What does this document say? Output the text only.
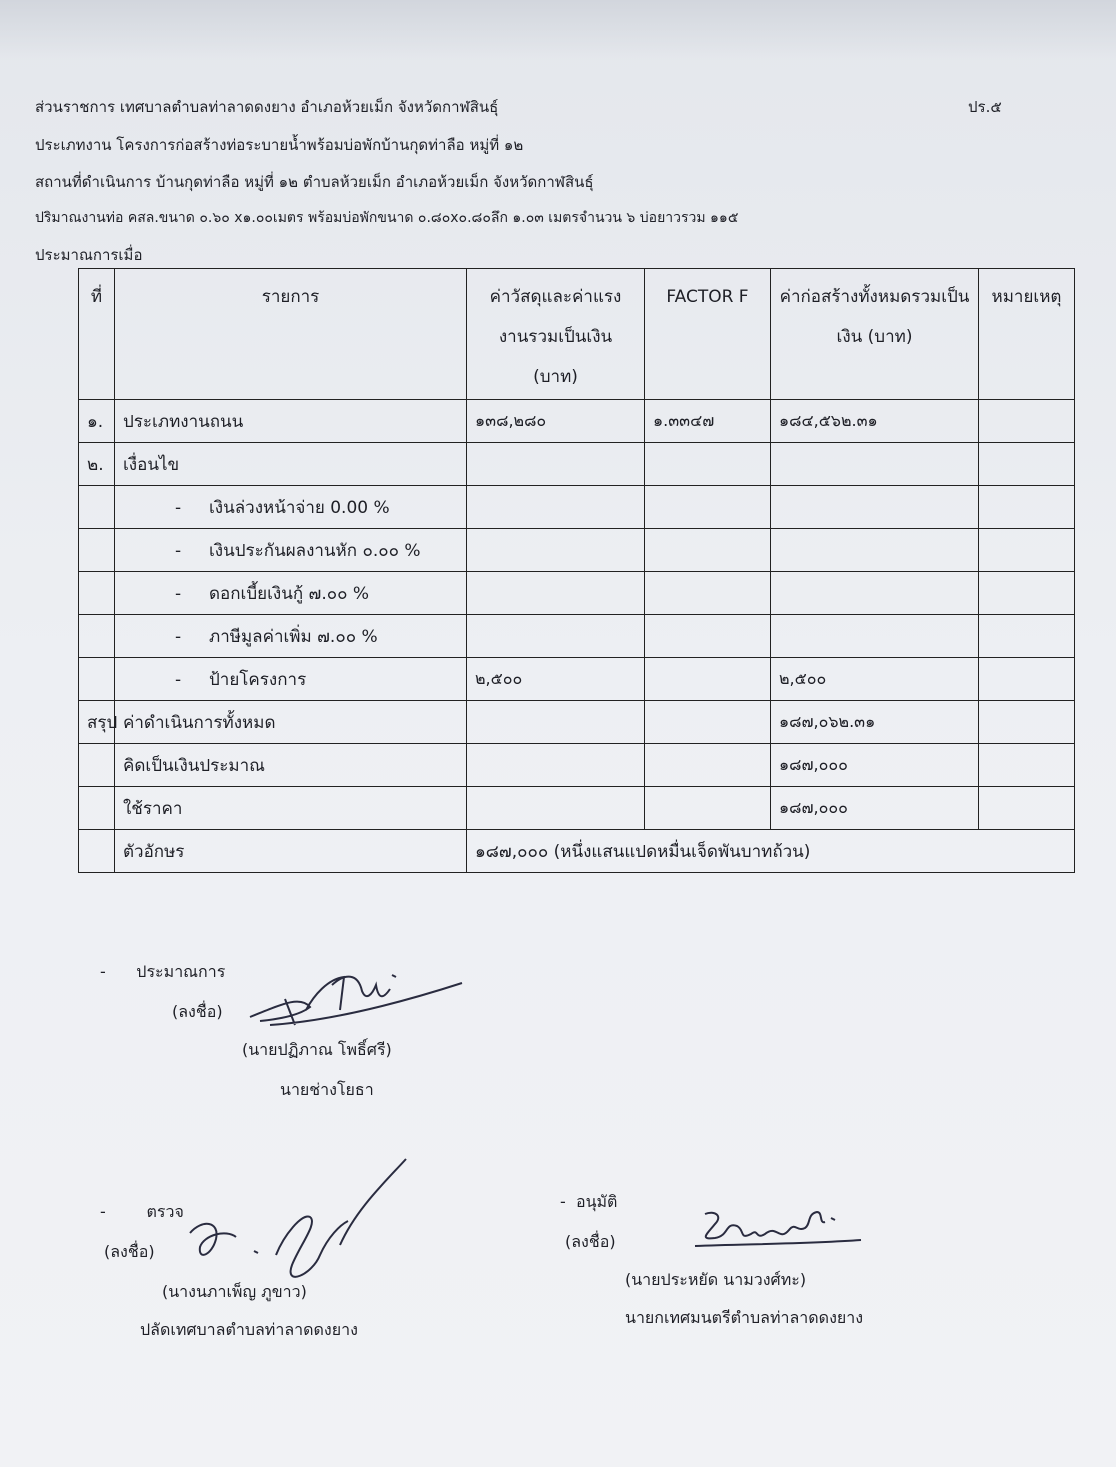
ส่วนราชการ เทศบาลตำบลท่าลาดดงยาง อำเภอห้วยเม็ก จังหวัดกาฬสินธุ์	ปร.๕
ประเภทงาน โครงการก่อสร้างท่อระบายน้ำพร้อมบ่อพักบ้านกุดท่าลือ หมู่ที่ ๑๒
สถานที่ดำเนินการ บ้านกุดท่าลือ หมู่ที่ ๑๒ ตำบลห้วยเม็ก อำเภอห้วยเม็ก จังหวัดกาฬสินธุ์
ปริมาณงานท่อ คสล.ขนาด ๐.๖๐ x๑.๐๐เมตร พร้อมบ่อพักขนาด ๐.๘๐x๐.๘๐ลึก ๑.๐๓ เมตรจำนวน ๖ บ่อยาวรวม ๑๑๕
ประมาณการเมื่อ
ที่	รายการ	ค่าวัสดุและค่าแรงงานรวมเป็นเงิน (บาท)	FACTOR F	ค่าก่อสร้างทั้งหมดรวมเป็นเงิน (บาท)	หมายเหตุ
๑.	ประเภทงานถนน	๑๓๘,๒๘๐	๑.๓๓๔๗	๑๘๔,๕๖๒.๓๑	
๒.	เงื่อนไข				
	- เงินล่วงหน้าจ่าย 0.00 %				
	- เงินประกันผลงานหัก ๐.๐๐ %				
	- ดอกเบี้ยเงินกู้ ๗.๐๐ %				
	- ภาษีมูลค่าเพิ่ม ๗.๐๐ %				
	- ป้ายโครงการ	๒,๕๐๐		๒,๕๐๐	
สรุป	ค่าดำเนินการทั้งหมด			๑๘๗,๐๖๒.๓๑	
	คิดเป็นเงินประมาณ			๑๘๗,๐๐๐	
	ใช้ราคา			๑๘๗,๐๐๐	
	ตัวอักษร	๑๘๗,๐๐๐ (หนึ่งแสนแปดหมื่นเจ็ดพันบาทถ้วน)			
-      ประมาณการ
(ลงชื่อ)
(นายปฏิภาณ โพธิ์ศรี)
นายช่างโยธา
-        ตรวจ
(ลงชื่อ)
(นางนภาเพ็ญ ภูขาว)
ปลัดเทศบาลตำบลท่าลาดดงยาง
-  อนุมัติ
(ลงชื่อ)
(นายประหยัด นามวงศ์ทะ)
นายกเทศมนตรีตำบลท่าลาดดงยาง
